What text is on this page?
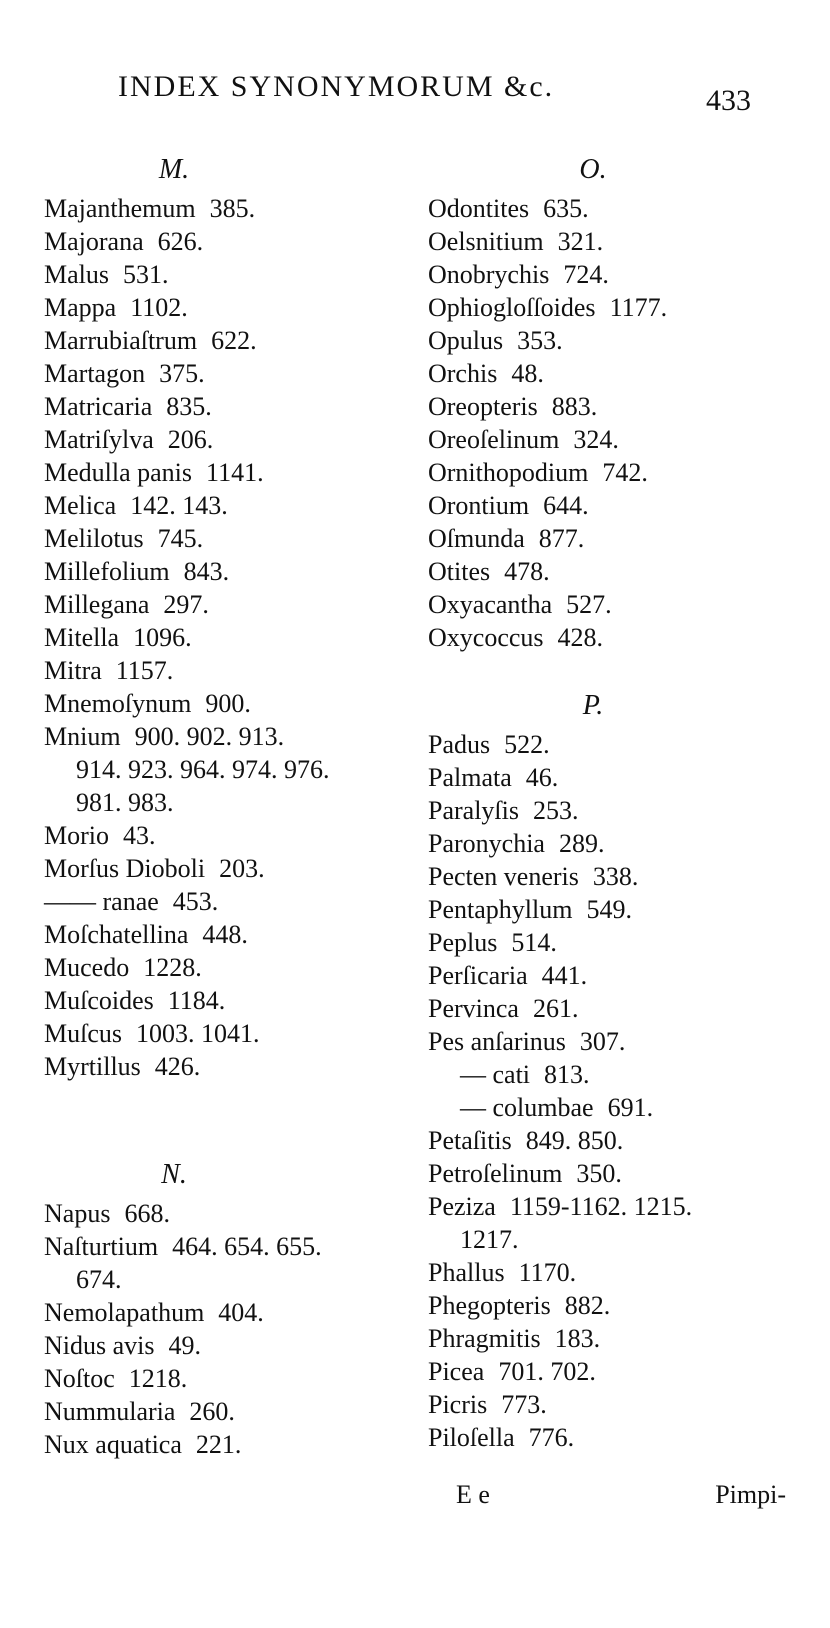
INDEX SYNONYMORUM &c.	433
M.
Majanthemum 385.
Majorana 626.
Malus 531.
Mappa 1102.
Marrubiaſtrum 622.
Martagon 375.
Matricaria 835.
Matriſylva 206.
Medulla panis 1141.
Melica 142. 143.
Melilotus 745.
Millefolium 843.
Millegana 297.
Mitella 1096.
Mitra 1157.
Mnemoſynum 900.
Mnium 900. 902. 913.
914. 923. 964. 974. 976.
981. 983.
Morio 43.
Morſus Dioboli 203.
—— ranae 453.
Moſchatellina 448.
Mucedo 1228.
Muſcoides 1184.
Muſcus 1003. 1041.
Myrtillus 426.
N.
Napus 668.
Naſturtium 464. 654. 655.
674.
Nemolapathum 404.
Nidus avis 49.
Noſtoc 1218.
Nummularia 260.
Nux aquatica 221.
O.
Odontites 635.
Oelsnitium 321.
Onobrychis 724.
Ophiogloſſoides 1177.
Opulus 353.
Orchis 48.
Oreopteris 883.
Oreoſelinum 324.
Ornithopodium 742.
Orontium 644.
Oſmunda 877.
Otites 478.
Oxyacantha 527.
Oxycoccus 428.
P.
Padus 522.
Palmata 46.
Paralyſis 253.
Paronychia 289.
Pecten veneris 338.
Pentaphyllum 549.
Peplus 514.
Perſicaria 441.
Pervinca 261.
Pes anſarinus 307.
— cati 813.
— columbae 691.
Petaſitis 849. 850.
Petroſelinum 350.
Peziza 1159-1162. 1215.
1217.
Phallus 1170.
Phegopteris 882.
Phragmitis 183.
Picea 701. 702.
Picris 773.
Piloſella 776.
E e	Pimpi-
